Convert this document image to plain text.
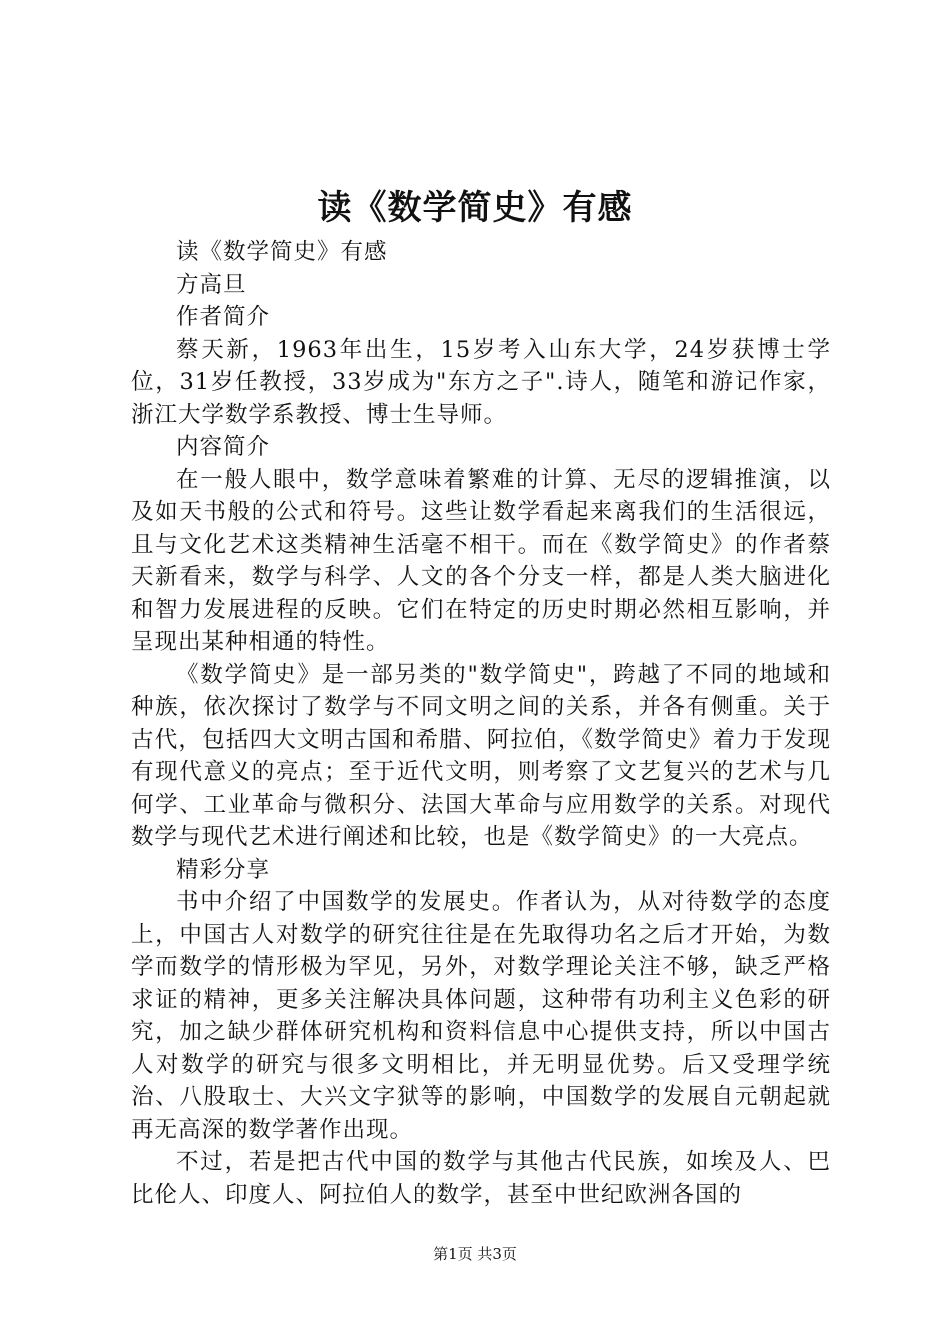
读《数学简史》有感

读《数学简史》有感

方高旦

作者简介

蔡天新，1963年出生，15岁考入山东大学，24岁获博士学位，31岁任教授，33岁成为"东方之子".诗人，随笔和游记作家，浙江大学数学系教授、博士生导师。

内容简介

在一般人眼中，数学意味着繁难的计算、无尽的逻辑推演，以及如天书般的公式和符号。这些让数学看起来离我们的生活很远，且与文化艺术这类精神生活毫不相干。而在《数学简史》的作者蔡天新看来，数学与科学、人文的各个分支一样，都是人类大脑进化和智力发展进程的反映。它们在特定的历史时期必然相互影响，并呈现出某种相通的特性。

《数学简史》是一部另类的"数学简史"，跨越了不同的地域和种族，依次探讨了数学与不同文明之间的关系，并各有侧重。关于古代，包括四大文明古国和希腊、阿拉伯，《数学简史》着力于发现有现代意义的亮点；至于近代文明，则考察了文艺复兴的艺术与几何学、工业革命与微积分、法国大革命与应用数学的关系。对现代数学与现代艺术进行阐述和比较，也是《数学简史》的一大亮点。

精彩分享

书中介绍了中国数学的发展史。作者认为，从对待数学的态度上，中国古人对数学的研究往往是在先取得功名之后才开始，为数学而数学的情形极为罕见，另外，对数学理论关注不够，缺乏严格求证的精神，更多关注解决具体问题，这种带有功利主义色彩的研究，加之缺少群体研究机构和资料信息中心提供支持，所以中国古人对数学的研究与很多文明相比，并无明显优势。后又受理学统治、八股取士、大兴文字狱等的影响，中国数学的发展自元朝起就再无高深的数学著作出现。

不过，若是把古代中国的数学与其他古代民族，如埃及人、巴比伦人、印度人、阿拉伯人的数学，甚至中世纪欧洲各国的

第1页 共3页
